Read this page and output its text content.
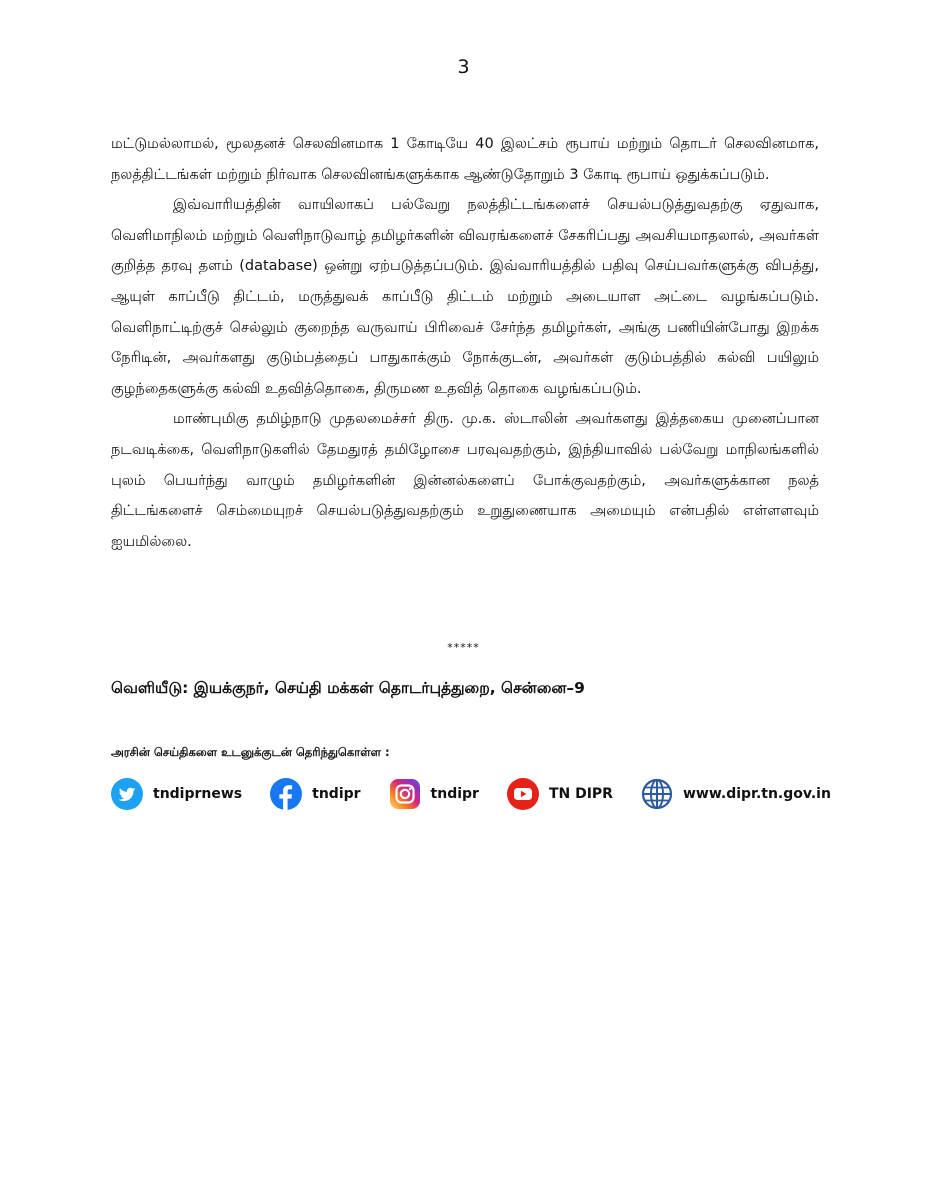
3

மட்டுமல்லாமல், மூலதனச் செலவினமாக 1 கோடியே 40 இலட்சம் ரூபாய் மற்றும் தொடர் செலவினமாக, நலத்திட்டங்கள் மற்றும் நிர்வாக செலவினங்களுக்காக ஆண்டுதோறும் 3 கோடி ரூபாய் ஒதுக்கப்படும்.

இவ்வாரியத்தின் வாயிலாகப் பல்வேறு நலத்திட்டங்களைச் செயல்படுத்துவதற்கு ஏதுவாக, வெளிமாநிலம் மற்றும் வெளிநாடுவாழ் தமிழர்களின் விவரங்களைச் சேகரிப்பது அவசியமாதலால், அவர்கள் குறித்த தரவு தளம் (database) ஒன்று ஏற்படுத்தப்படும். இவ்வாரியத்தில் பதிவு செய்பவர்களுக்கு விபத்து, ஆயுள் காப்பீடு திட்டம், மருத்துவக் காப்பீடு திட்டம் மற்றும் அடையாள அட்டை வழங்கப்படும். வெளிநாட்டிற்குச் செல்லும் குறைந்த வருவாய் பிரிவைச் சேர்ந்த தமிழர்கள், அங்கு பணியின்போது இறக்க நேரிடின், அவர்களது குடும்பத்தைப் பாதுகாக்கும் நோக்குடன், அவர்கள் குடும்பத்தில் கல்வி பயிலும் குழந்தைகளுக்கு கல்வி உதவித்தொகை, திருமண உதவித் தொகை வழங்கப்படும்.

மாண்புமிகு தமிழ்நாடு முதலமைச்சர் திரு. மு.க. ஸ்டாலின் அவர்களது இத்தகைய முனைப்பான நடவடிக்கை, வெளிநாடுகளில் தேமதுரத் தமிழோசை பரவுவதற்கும், இந்தியாவில் பல்வேறு மாநிலங்களில் புலம் பெயர்ந்து வாழும் தமிழர்களின் இன்னல்களைப் போக்குவதற்கும், அவர்களுக்கான நலத் திட்டங்களைச் செம்மையுறச் செயல்படுத்துவதற்கும் உறுதுணையாக அமையும் என்பதில் எள்ளளவும் ஐயமில்லை.

*****
வெளியீடு: இயக்குநர், செய்தி மக்கள் தொடர்புத்துறை, சென்னை–9
அரசின் செய்திகளை உடனுக்குடன் தெரிந்துகொள்ள :
tndiprnews	tndipr	tndipr	TN DIPR	www.dipr.tn.gov.in
